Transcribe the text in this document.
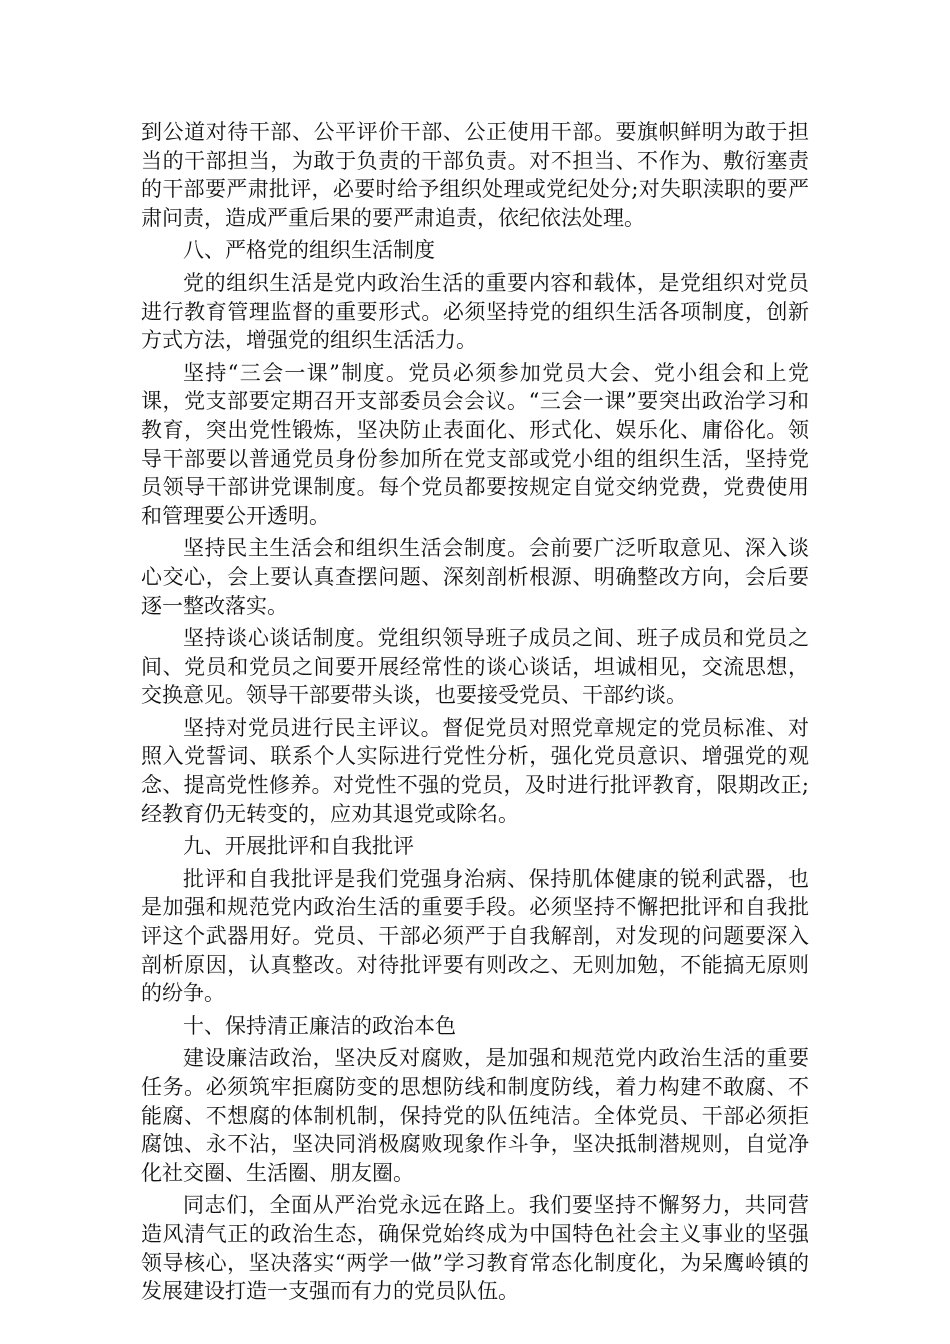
到公道对待干部、公平评价干部、公正使用干部。要旗帜鲜明为敢于担当的干部担当，为敢于负责的干部负责。对不担当、不作为、敷衍塞责的干部要严肃批评，必要时给予组织处理或党纪处分;对失职渎职的要严肃问责，造成严重后果的要严肃追责，依纪依法处理。

八、严格党的组织生活制度

党的组织生活是党内政治生活的重要内容和载体，是党组织对党员进行教育管理监督的重要形式。必须坚持党的组织生活各项制度，创新方式方法，增强党的组织生活活力。

坚持“三会一课”制度。党员必须参加党员大会、党小组会和上党课，党支部要定期召开支部委员会会议。“三会一课”要突出政治学习和教育，突出党性锻炼，坚决防止表面化、形式化、娱乐化、庸俗化。领导干部要以普通党员身份参加所在党支部或党小组的组织生活，坚持党员领导干部讲党课制度。每个党员都要按规定自觉交纳党费，党费使用和管理要公开透明。

坚持民主生活会和组织生活会制度。会前要广泛听取意见、深入谈心交心，会上要认真查摆问题、深刻剖析根源、明确整改方向，会后要逐一整改落实。

坚持谈心谈话制度。党组织领导班子成员之间、班子成员和党员之间、党员和党员之间要开展经常性的谈心谈话，坦诚相见，交流思想，交换意见。领导干部要带头谈，也要接受党员、干部约谈。

坚持对党员进行民主评议。督促党员对照党章规定的党员标准、对照入党誓词、联系个人实际进行党性分析，强化党员意识、增强党的观念、提高党性修养。对党性不强的党员，及时进行批评教育，限期改正;经教育仍无转变的，应劝其退党或除名。

九、开展批评和自我批评

批评和自我批评是我们党强身治病、保持肌体健康的锐利武器，也是加强和规范党内政治生活的重要手段。必须坚持不懈把批评和自我批评这个武器用好。党员、干部必须严于自我解剖，对发现的问题要深入剖析原因，认真整改。对待批评要有则改之、无则加勉，不能搞无原则的纷争。

十、保持清正廉洁的政治本色

建设廉洁政治，坚决反对腐败，是加强和规范党内政治生活的重要任务。必须筑牢拒腐防变的思想防线和制度防线，着力构建不敢腐、不能腐、不想腐的体制机制，保持党的队伍纯洁。全体党员、干部必须拒腐蚀、永不沾，坚决同消极腐败现象作斗争，坚决抵制潜规则，自觉净化社交圈、生活圈、朋友圈。

同志们，全面从严治党永远在路上。我们要坚持不懈努力，共同营造风清气正的政治生态，确保党始终成为中国特色社会主义事业的坚强领导核心，坚决落实“两学一做”学习教育常态化制度化，为呆鹰岭镇的发展建设打造一支强而有力的党员队伍。
